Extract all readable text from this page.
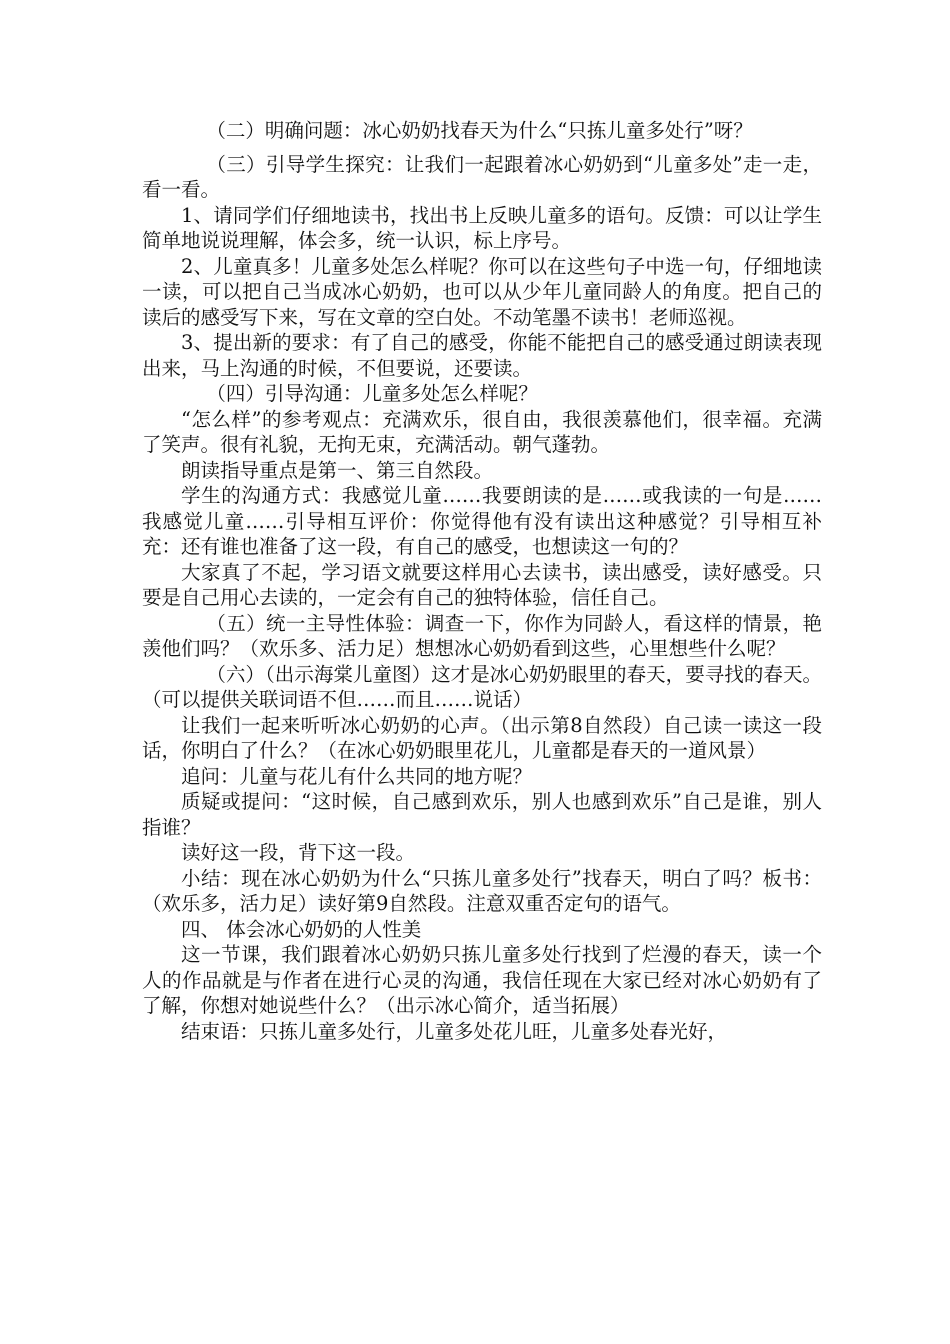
（二）明确问题：冰心奶奶找春天为什么“只拣儿童多处行”呀？

（三）引导学生探究：让我们一起跟着冰心奶奶到“儿童多处”走一走，看一看。

1、请同学们仔细地读书，找出书上反映儿童多的语句。反馈：可以让学生简单地说说理解，体会多，统一认识，标上序号。

2、儿童真多！儿童多处怎么样呢？你可以在这些句子中选一句，仔细地读一读，可以把自己当成冰心奶奶，也可以从少年儿童同龄人的角度。把自己的读后的感受写下来，写在文章的空白处。不动笔墨不读书！老师巡视。

3、提出新的要求：有了自己的感受，你能不能把自己的感受通过朗读表现出来，马上沟通的时候，不但要说，还要读。

（四）引导沟通：儿童多处怎么样呢？

“怎么样”的参考观点：充满欢乐，很自由，我很羡慕他们，很幸福。充满了笑声。很有礼貌，无拘无束，充满活动。朝气蓬勃。

朗读指导重点是第一、第三自然段。

学生的沟通方式：我感觉儿童……我要朗读的是……或我读的一句是……我感觉儿童……引导相互评价：你觉得他有没有读出这种感觉？引导相互补充：还有谁也准备了这一段，有自己的感受，也想读这一句的？

大家真了不起，学习语文就要这样用心去读书，读出感受，读好感受。只要是自己用心去读的，一定会有自己的独特体验，信任自己。

（五）统一主导性体验：调查一下，你作为同龄人，看这样的情景，艳羡他们吗？（欢乐多、活力足）想想冰心奶奶看到这些，心里想些什么呢？

（六）（出示海棠儿童图）这才是冰心奶奶眼里的春天，要寻找的春天。（可以提供关联词语不但……而且……说话）

让我们一起来听听冰心奶奶的心声。（出示第8自然段）自己读一读这一段话，你明白了什么？（在冰心奶奶眼里花儿，儿童都是春天的一道风景）

追问：儿童与花儿有什么共同的地方呢？

质疑或提问：“这时候，自己感到欢乐，别人也感到欢乐”自己是谁，别人指谁？

读好这一段，背下这一段。

小结：现在冰心奶奶为什么“只拣儿童多处行”找春天，明白了吗？板书：（欢乐多，活力足）读好第9自然段。注意双重否定句的语气。

四、 体会冰心奶奶的人性美

这一节课，我们跟着冰心奶奶只拣儿童多处行找到了烂漫的春天，读一个人的作品就是与作者在进行心灵的沟通，我信任现在大家已经对冰心奶奶有了了解，你想对她说些什么？（出示冰心简介，适当拓展）

结束语：只拣儿童多处行，儿童多处花儿旺，儿童多处春光好，
